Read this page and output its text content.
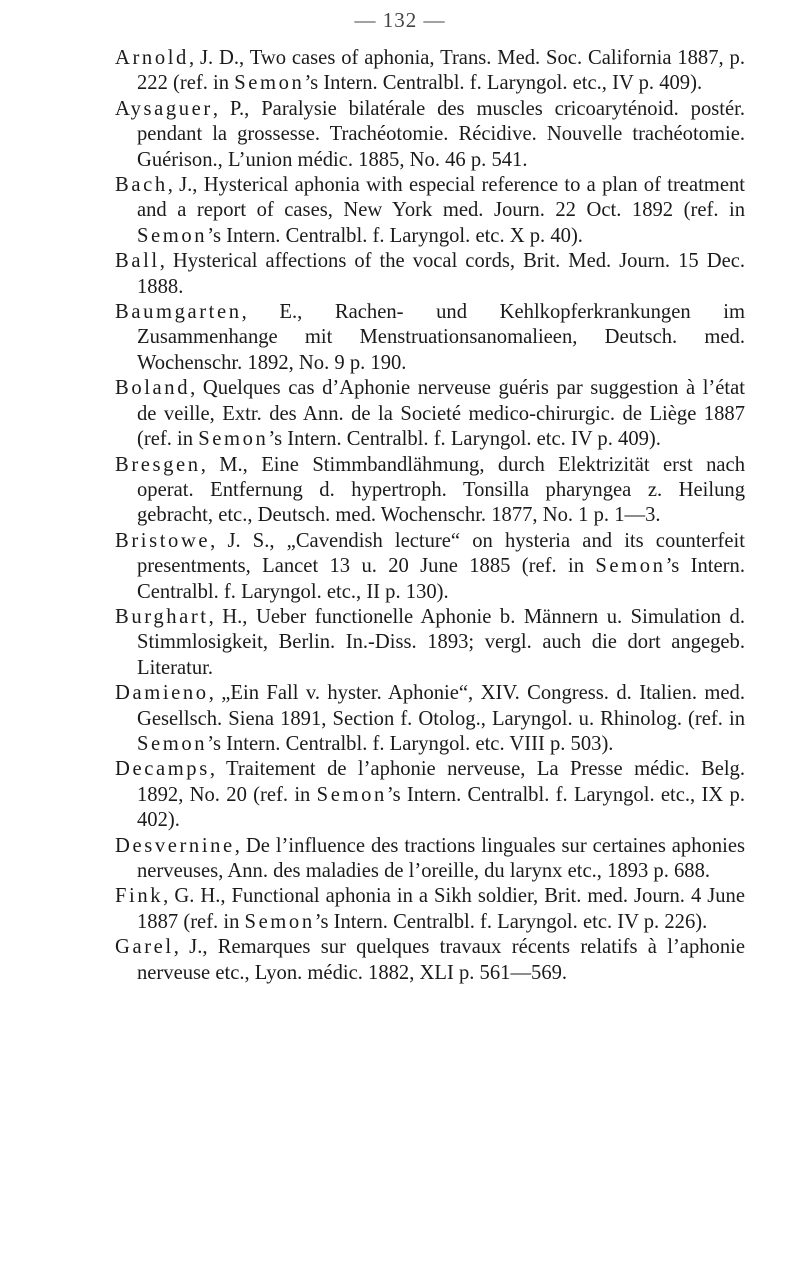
— 132 —

Arnold, J. D., Two cases of aphonia, Trans. Med. Soc. California 1887, p. 222 (ref. in Semon’s Intern. Centralbl. f. Laryngol. etc., IV p. 409).

Aysaguer, P., Paralysie bilatérale des muscles cricoaryténoid. postér. pendant la grossesse. Trachéotomie. Récidive. Nouvelle trachéotomie. Guérison., L’union médic. 1885, No. 46 p. 541.

Bach, J., Hysterical aphonia with especial reference to a plan of treatment and a report of cases, New York med. Journ. 22 Oct. 1892 (ref. in Semon’s Intern. Centralbl. f. Laryngol. etc. X p. 40).

Ball, Hysterical affections of the vocal cords, Brit. Med. Journ. 15 Dec. 1888.

Baumgarten, E., Rachen- und Kehlkopferkrankungen im Zusammenhange mit Menstruationsanomalieen, Deutsch. med. Wochenschr. 1892, No. 9 p. 190.

Boland, Quelques cas d’Aphonie nerveuse guéris par suggestion à l’état de veille, Extr. des Ann. de la Societé medico-chirurgic. de Liège 1887 (ref. in Semon’s Intern. Centralbl. f. Laryngol. etc. IV p. 409).

Bresgen, M., Eine Stimmbandlähmung, durch Elektrizität erst nach operat. Entfernung d. hypertroph. Tonsilla pharyngea z. Heilung gebracht, etc., Deutsch. med. Wochenschr. 1877, No. 1 p. 1—3.

Bristowe, J. S., „Cavendish lecture“ on hysteria and its counterfeit presentments, Lancet 13 u. 20 June 1885 (ref. in Semon’s Intern. Centralbl. f. Laryngol. etc., II p. 130).

Burghart, H., Ueber functionelle Aphonie b. Männern u. Simulation d. Stimmlosigkeit, Berlin. In.-Diss. 1893; vergl. auch die dort angegeb. Literatur.

Damieno, „Ein Fall v. hyster. Aphonie“, XIV. Congress. d. Italien. med. Gesellsch. Siena 1891, Section f. Otolog., Laryngol. u. Rhinolog. (ref. in Semon’s Intern. Centralbl. f. Laryngol. etc. VIII p. 503).

Decamps, Traitement de l’aphonie nerveuse, La Presse médic. Belg. 1892, No. 20 (ref. in Semon’s Intern. Centralbl. f. Laryngol. etc., IX p. 402).

Desvernine, De l’influence des tractions linguales sur certaines aphonies nerveuses, Ann. des maladies de l’oreille, du larynx etc., 1893 p. 688.

Fink, G. H., Functional aphonia in a Sikh soldier, Brit. med. Journ. 4 June 1887 (ref. in Semon’s Intern. Centralbl. f. Laryngol. etc. IV p. 226).

Garel, J., Remarques sur quelques travaux récents relatifs à l’aphonie nerveuse etc., Lyon. médic. 1882, XLI p. 561—569.
